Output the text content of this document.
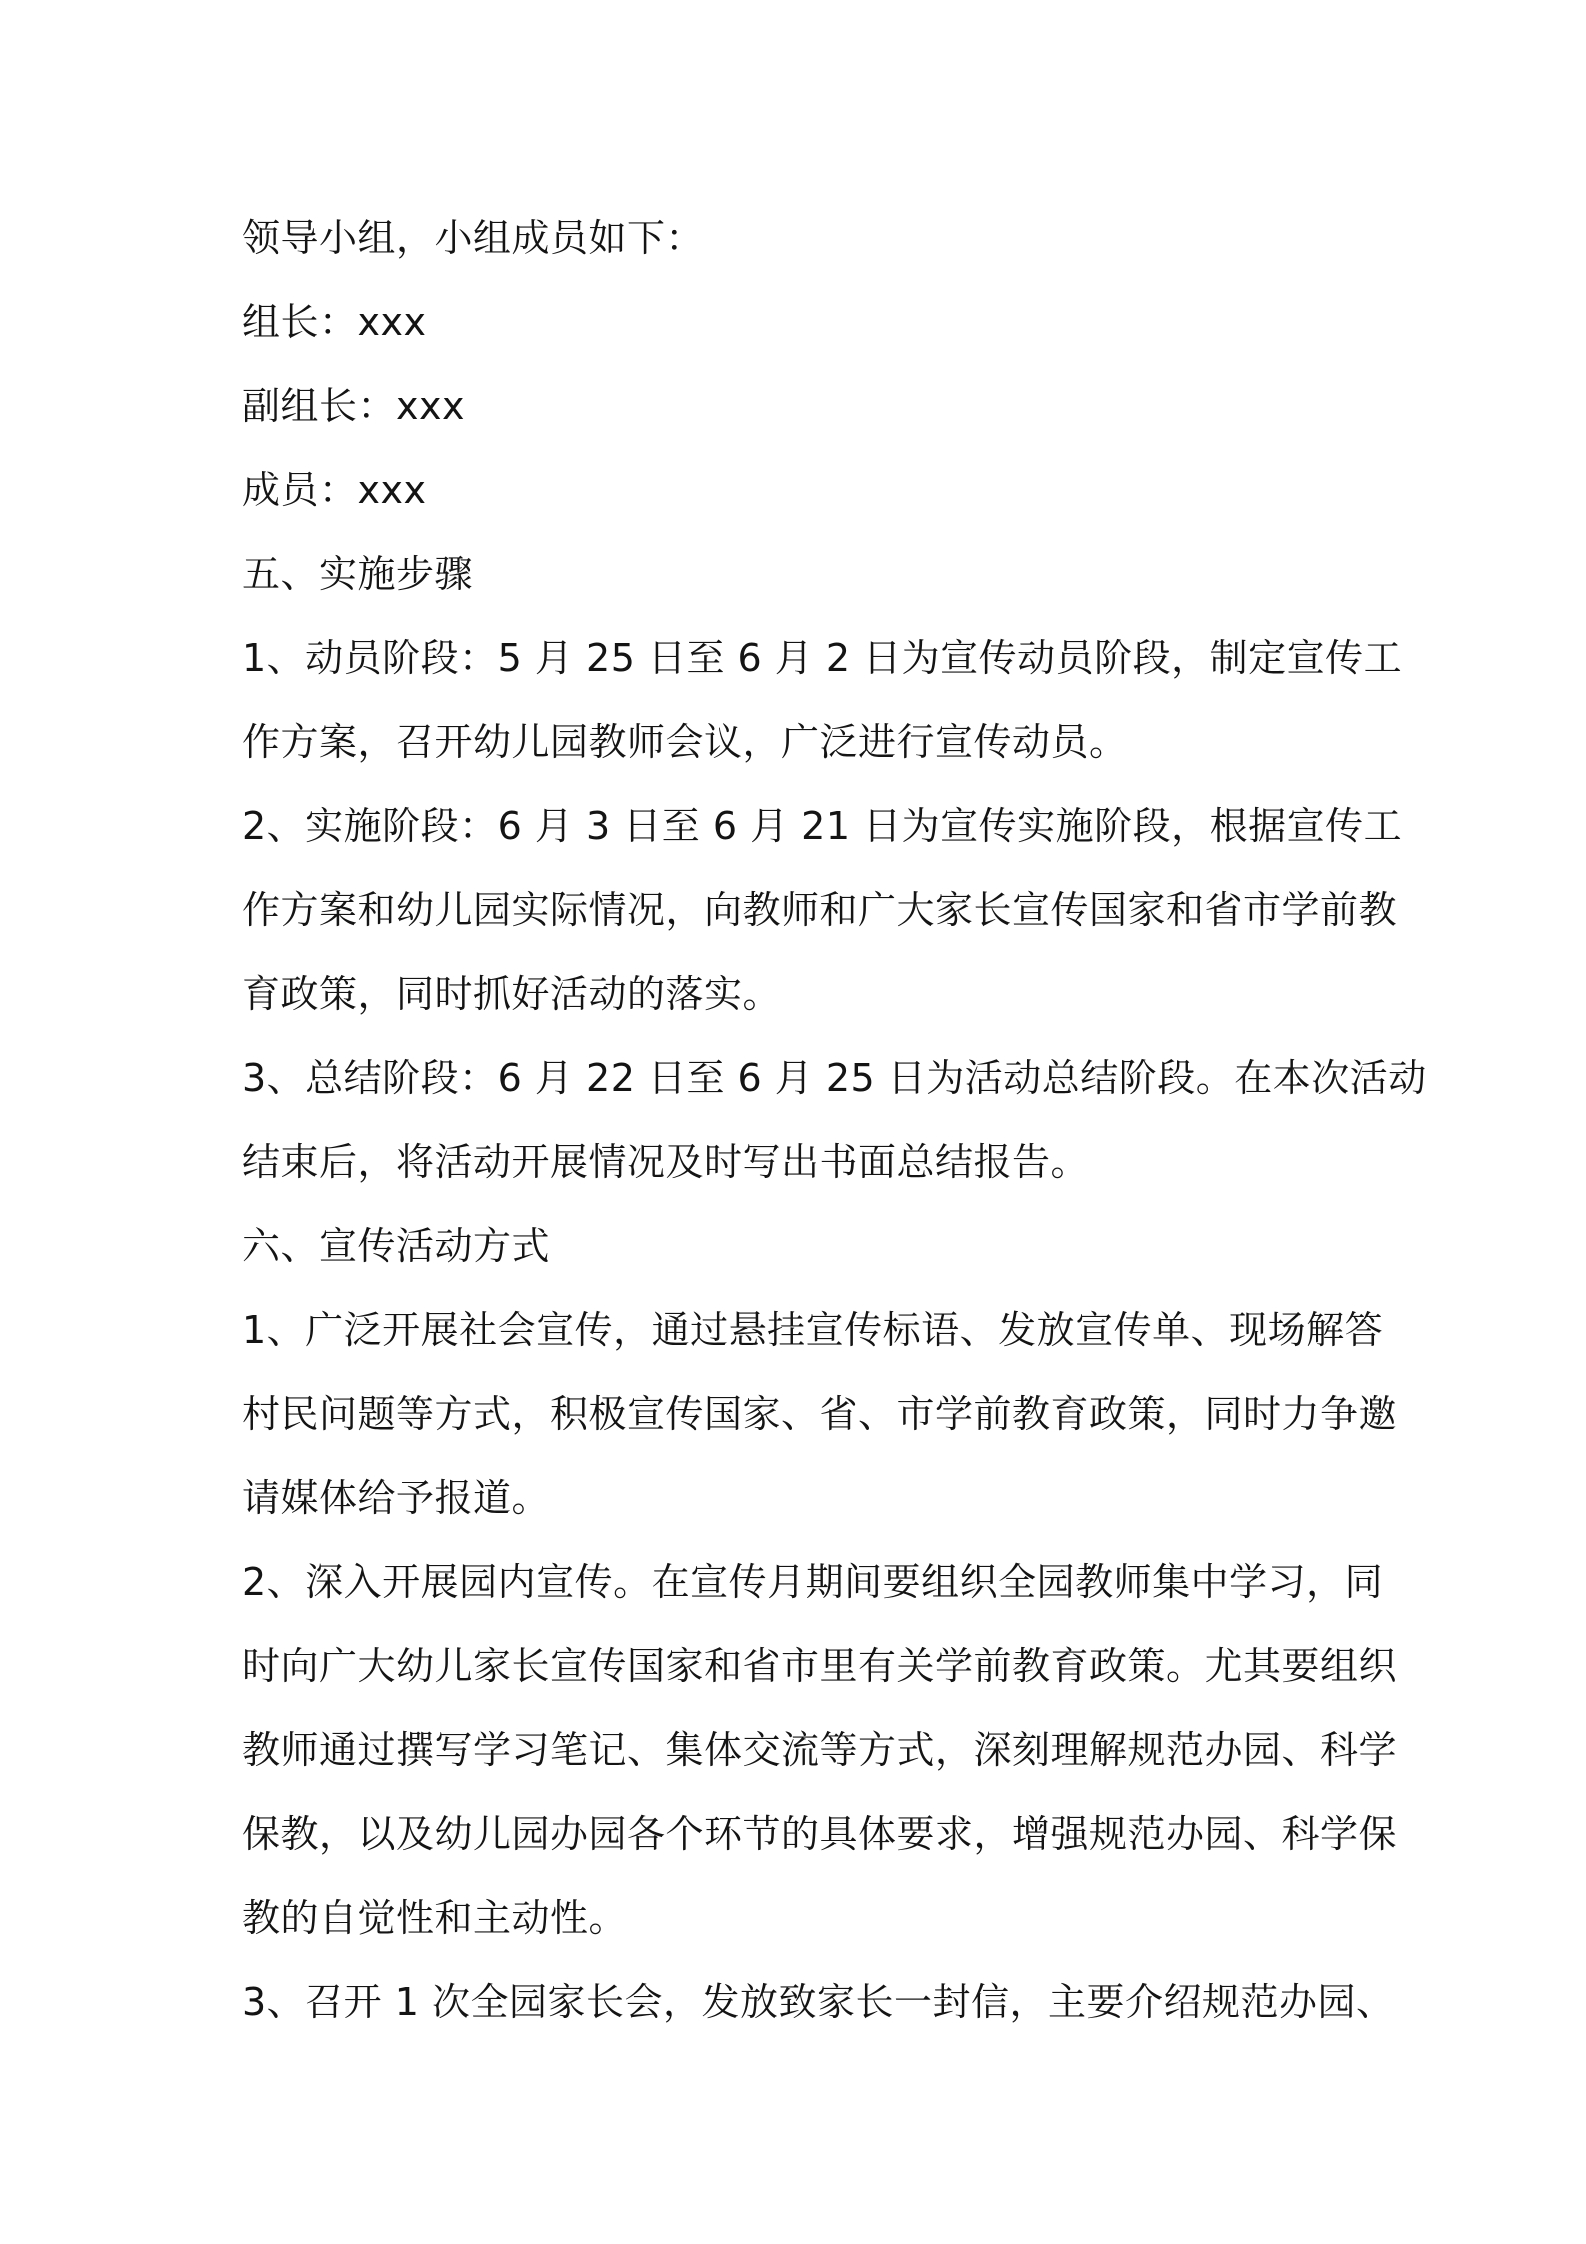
领导小组，小组成员如下：
组长：xxx
副组长：xxx
成员：xxx
五、实施步骤
1、动员阶段：5 月 25 日至 6 月 2 日为宣传动员阶段，制定宣传工
作方案，召开幼儿园教师会议，广泛进行宣传动员。
2、实施阶段：6 月 3 日至 6 月 21 日为宣传实施阶段，根据宣传工
作方案和幼儿园实际情况，向教师和广大家长宣传国家和省市学前教
育政策，同时抓好活动的落实。
3、总结阶段：6 月 22 日至 6 月 25 日为活动总结阶段。在本次活动
结束后，将活动开展情况及时写出书面总结报告。
六、宣传活动方式
1、广泛开展社会宣传，通过悬挂宣传标语、发放宣传单、现场解答
村民问题等方式，积极宣传国家、省、市学前教育政策，同时力争邀
请媒体给予报道。
2、深入开展园内宣传。在宣传月期间要组织全园教师集中学习，同
时向广大幼儿家长宣传国家和省市里有关学前教育政策。尤其要组织
教师通过撰写学习笔记、集体交流等方式，深刻理解规范办园、科学
保教，以及幼儿园办园各个环节的具体要求，增强规范办园、科学保
教的自觉性和主动性。
3、召开 1 次全园家长会，发放致家长一封信，主要介绍规范办园、
